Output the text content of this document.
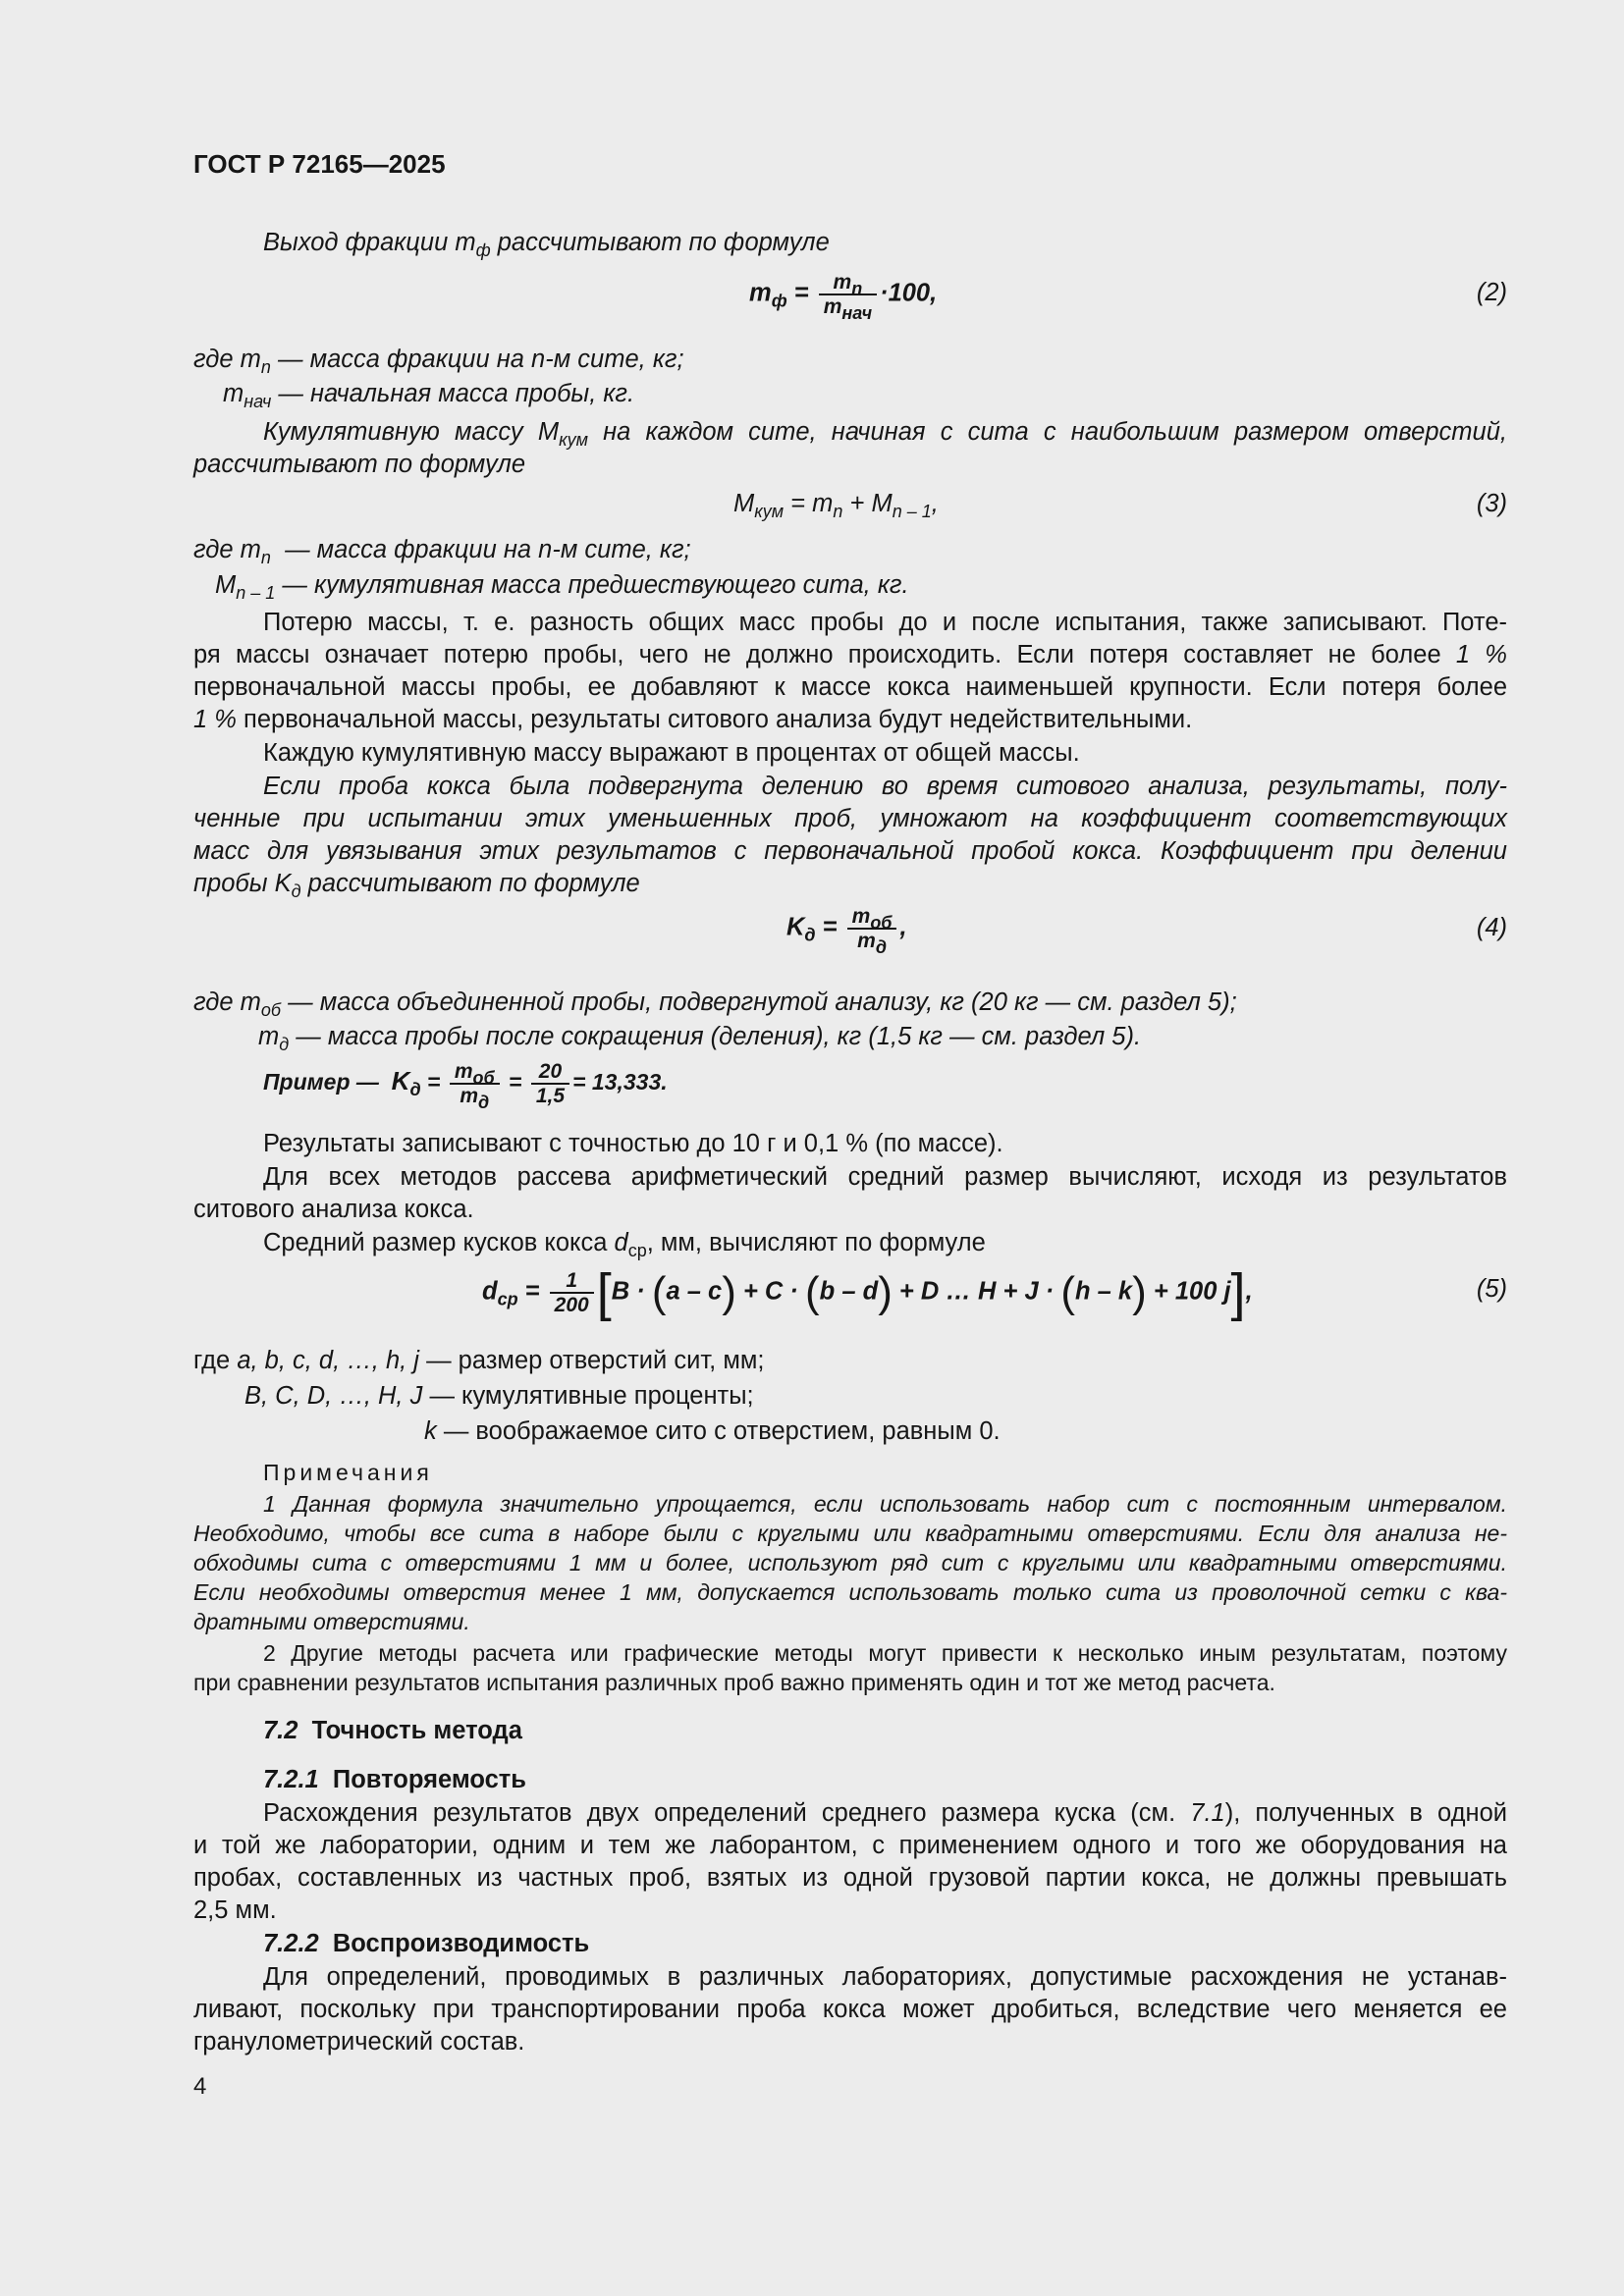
ГОСТ Р 72165—2025
Выход фракции $m_ф$ рассчитывают по формуле
$m_ф = \frac{m_n}{m_{нач}} \cdot 100$,	(2)
где $m_n$ — масса фракции на n-м сите, кг;
$m_{нач}$ — начальная масса пробы, кг.
Кумулятивную массу $M_{кум}$ на каждом сите, начиная с сита с наибольшим размером отверстий,
рассчитывают по формуле
$M_{кум} = m_n + M_{n - 1}$,	(3)
где $m_n$  — масса фракции на n-м сите, кг;
$M_{n - 1}$ — кумулятивная масса предшествующего сита, кг.
Потерю массы, т. е. разность общих масс пробы до и после испытания, также записывают. Поте-
ря массы означает потерю пробы, чего не должно происходить. Если потеря составляет не более 1 %
первоначальной массы пробы, ее добавляют к массе кокса наименьшей крупности. Если потеря более
1 % первоначальной массы, результаты ситового анализа будут недействительными.
Каждую кумулятивную массу выражают в процентах от общей массы.
Если проба кокса была подвергнута делению во время ситового анализа, результаты, полу-
ченные при испытании этих уменьшенных проб, умножают на коэффициент соответствующих
масс для увязывания этих результатов с первоначальной пробой кокса. Коэффициент при делении
пробы $K_д$ рассчитывают по формуле
$K_д = \frac{m_{об}}{m_д}$ ,	(4)
где $m_{об}$ — масса объединенной пробы, подвергнутой анализу, кг (20 кг — см. раздел 5);
$m_д$ — масса пробы после сокращения (деления), кг (1,5 кг — см. раздел 5).
Пример — $K_д = \frac{m_{об}}{m_д} = \frac{20}{1,5} = 13,333$.
Результаты записывают с точностью до 10 г и 0,1 % (по массе).
Для всех методов рассева арифметический средний размер вычисляют, исходя из результатов
ситового анализа кокса.
Средний размер кусков кокса $d_{ср}$, мм, вычисляют по формуле
$d_{ср} = \frac{1}{200} [B \cdot (a - c) + C \cdot (b - d) + D$ … H + J · (h – k) + 100 j],	(5)
где a, b, c, d, …, h, j — размер отверстий сит, мм;
B, C, D, …, H, J — кумулятивные проценты;
k — воображаемое сито с отверстием, равным 0.
Примечания
1 Данная формула значительно упрощается, если использовать набор сит с постоянным интервалом.
Необходимо, чтобы все сита в наборе были с круглыми или квадратными отверстиями. Если для анализа не-
обходимы сита с отверстиями 1 мм и более, используют ряд сит с круглыми или квадратными отверстиями.
Если необходимы отверстия менее 1 мм, допускается использовать только сита из проволочной сетки с ква-
дратными отверстиями.
2 Другие методы расчета или графические методы могут привести к несколько иным результатам, поэтому
при сравнении результатов испытания различных проб важно применять один и тот же метод расчета.
7.2 Точность метода
7.2.1 Повторяемость
Расхождения результатов двух определений среднего размера куска (см. 7.1), полученных в одной
и той же лаборатории, одним и тем же лаборантом, с применением одного и того же оборудования на
пробах, составленных из частных проб, взятых из одной грузовой партии кокса, не должны превышать
2,5 мм.
7.2.2 Воспроизводимость
Для определений, проводимых в различных лабораториях, допустимые расхождения не устанав-
ливают, поскольку при транспортировании проба кокса может дробиться, вследствие чего меняется ее
гранулометрический состав.
4
